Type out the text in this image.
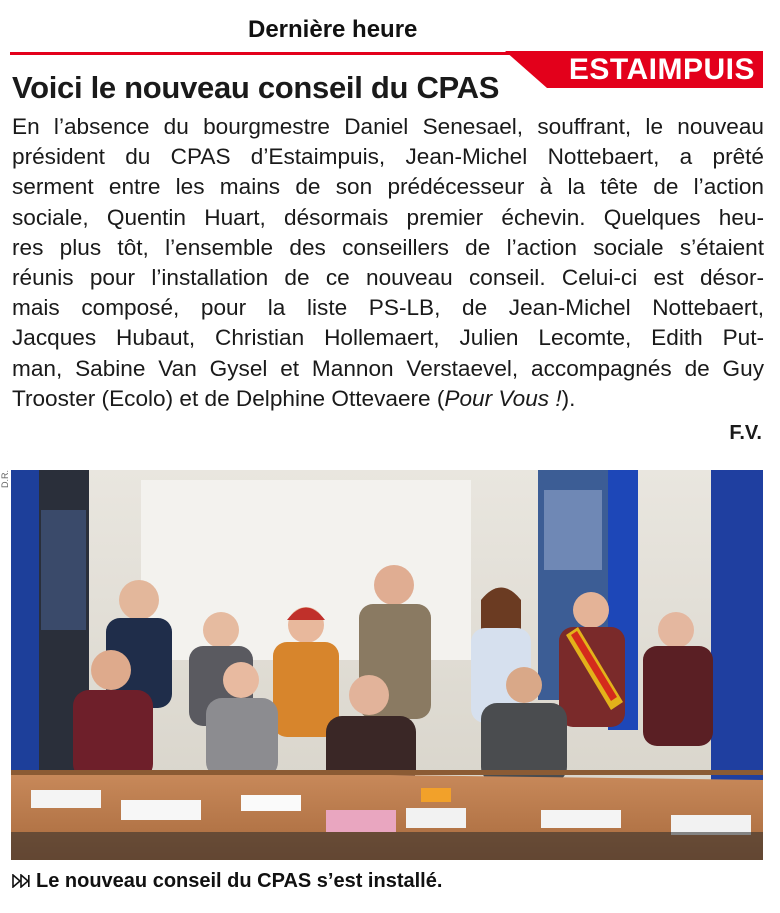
Dernière heure
ESTAIMPUIS
Voici le nouveau conseil du CPAS

En l’absence du bourgmestre Daniel Senesael, souffrant, le nouveau
président du CPAS d’Estaimpuis, Jean-Michel Nottebaert, a prêté
serment entre les mains de son prédécesseur à la tête de l’action
sociale, Quentin Huart, désormais premier échevin. Quelques heu-
res plus tôt, l’ensemble des conseillers de l’action sociale s’étaient
réunis pour l’installation de ce nouveau conseil. Celui-ci est désor-
mais composé, pour la liste PS-LB, de Jean-Michel Nottebaert,
Jacques Hubaut, Christian Hollemaert, Julien Lecomte, Edith Put-
man, Sabine Van Gysel et Mannon Verstaevel, accompagnés de Guy
Trooster (Ecolo) et de Delphine Ottevaere (Pour Vous !).

F.V.
D.R.
Le nouveau conseil du CPAS s’est installé.
